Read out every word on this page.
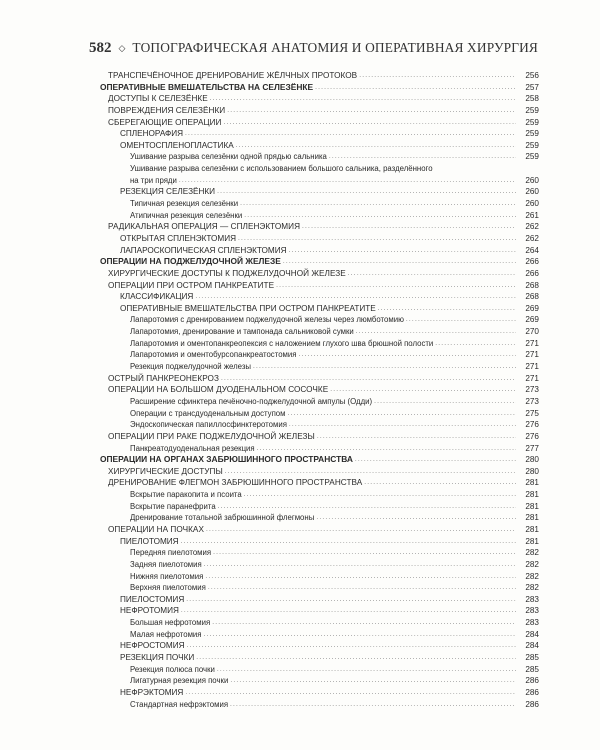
582 ◇ ТОПОГРАФИЧЕСКАЯ АНАТОМИЯ И ОПЕРАТИВНАЯ ХИРУРГИЯ
ТРАНСПЕЧЁНОЧНОЕ ДРЕНИРОВАНИЕ ЖЁЛЧНЫХ ПРОТОКОВ .....	256
ОПЕРАТИВНЫЕ ВМЕШАТЕЛЬСТВА НА СЕЛЕЗЁНКЕ .....	257
ДОСТУПЫ К СЕЛЕЗЁНКЕ .....	258
ПОВРЕЖДЕНИЯ СЕЛЕЗЁНКИ .....	259
СБЕРЕГАЮЩИЕ ОПЕРАЦИИ .....	259
СПЛЕНОРАФИЯ .....	259
ОМЕНТОСПЛЕНОПЛАСТИКА .....	259
Ушивание разрыва селезёнки одной прядью сальника .....	259
Ушивание разрыва селезёнки с использованием большого сальника, разделённого
на три пряди .....	260
РЕЗЕКЦИЯ СЕЛЕЗЁНКИ .....	260
Типичная резекция селезёнки .....	260
Атипичная резекция селезёнки .....	261
РАДИКАЛЬНАЯ ОПЕРАЦИЯ — СПЛЕНЭКТОМИЯ .....	262
ОТКРЫТАЯ СПЛЕНЭКТОМИЯ .....	262
ЛАПАРОСКОПИЧЕСКАЯ СПЛЕНЭКТОМИЯ .....	264
ОПЕРАЦИИ НА ПОДЖЕЛУДОЧНОЙ ЖЕЛЕЗЕ .....	266
ХИРУРГИЧЕСКИЕ ДОСТУПЫ К ПОДЖЕЛУДОЧНОЙ ЖЕЛЕЗЕ .....	266
ОПЕРАЦИИ ПРИ ОСТРОМ ПАНКРЕАТИТЕ .....	268
КЛАССИФИКАЦИЯ .....	268
ОПЕРАТИВНЫЕ ВМЕШАТЕЛЬСТВА ПРИ ОСТРОМ ПАНКРЕАТИТЕ .....	269
Лапаротомия с дренированием поджелудочной железы через люмботомию .....	269
Лапаротомия, дренирование и тампонада сальниковой сумки .....	270
Лапаротомия и оментопанкреопексия с наложением глухого шва брюшной полости .....	271
Лапаротомия и оментобурсопанкреатостомия .....	271
Резекция поджелудочной железы .....	271
ОСТРЫЙ ПАНКРЕОНЕКРОЗ .....	271
ОПЕРАЦИИ НА БОЛЬШОМ ДУОДЕНАЛЬНОМ СОСОЧКЕ .....	273
Расширение сфинктера печёночно-поджелудочной ампулы (Одди) .....	273
Операции с трансдуоденальным доступом .....	275
Эндоскопическая папиллосфинктеротомия .....	276
ОПЕРАЦИИ ПРИ РАКЕ ПОДЖЕЛУДОЧНОЙ ЖЕЛЕЗЫ .....	276
Панкреатодуоденальная резекция .....	277
ОПЕРАЦИИ НА ОРГАНАХ ЗАБРЮШИННОГО ПРОСТРАНСТВА .....	280
ХИРУРГИЧЕСКИЕ ДОСТУПЫ .....	280
ДРЕНИРОВАНИЕ ФЛЕГМОН ЗАБРЮШИННОГО ПРОСТРАНСТВА .....	281
Вскрытие паракопита и псоита .....	281
Вскрытие паранефрита .....	281
Дренирование тотальной забрюшинной флегмоны .....	281
ОПЕРАЦИИ НА ПОЧКАХ .....	281
ПИЕЛОТОМИЯ .....	281
Передняя пиелотомия .....	282
Задняя пиелотомия .....	282
Нижняя пиелотомия .....	282
Верхняя пиелотомия .....	282
ПИЕЛОСТОМИЯ .....	283
НЕФРОТОМИЯ .....	283
Большая нефротомия .....	283
Малая нефротомия .....	284
НЕФРОСТОМИЯ .....	284
РЕЗЕКЦИЯ ПОЧКИ .....	285
Резекция полюса почки .....	285
Лигатурная резекция почки .....	286
НЕФРЭКТОМИЯ .....	286
Стандартная нефрэктомия .....	286
